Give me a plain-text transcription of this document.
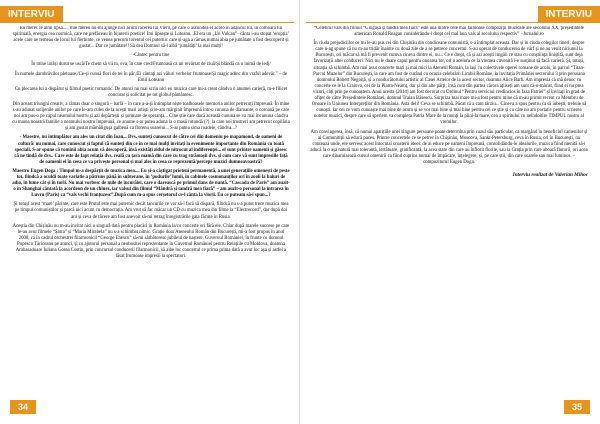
INTERVIU

Eu merec le aimi lipsa..... mie mereu nu-mi ajunge nici acum răcerea lui Vieru, pe care o ascundea el acolo în adâncul lui, în comoara lui spirituală, energia cea cosmică, care ne prefăceau în bijuterii poetice! Imi lipsește și Loteanu...El era un „Un Vulcan”- cânta i-au stopat ‘erupția’ acele care ne temeau de locul lui fierbinte, ce venea precum torentul cel puternic care și-aga a rămas numai abia pe jumătate a fost descoperit și gustat... Dar ce jumătate!! Să dea Domnul să-l aibă ‘jumătăți’ la mai mulți!

-Cântec pentru tine

În mine iarăși durut se uscă/Te chem să vii tu, eva, în care cred/Frumoasă ca un revărsat de ziuă/Și blândă ca o inimă de iedj/

În numele dumbrăvilor pletoase,/Ce-și cunuă flori de tei în păr,/Ei cântați azi văluri verbelor frumoase/Și magic adinc din vraful adevăr.” – de Emil Loteanu

Cu plecarea lui a dispărut și filmul poetic romantic. De atunci nu mai scriu nici eu muzica care mi-a creat cândva o anumei carieră, m-e filicet concurat și solicitat pe tot globul pământesc.

Din aceast triunghi creativ, a rămas doar o singură – barlă – în care a-a-și intimplat niște toalhoasele memoria anilor petrecuți împreună. În mine s-au adunat solijenile anilor pe care le-am cules de la acești mari artiști și le-am mărginit împreună într-o cununa de diamante, o coroană pe care noi am pus-o pe capul neamului nostru și azi depărtești și șomnare de speranța... Cine știe care dacă această cununa se va mai incununa cândva cu marea noastră familie a neamului nostru împreună, ce anume s-ar putea aduna la o masă rotundă (?), la care noi trustreri am petrecut copilăria și am gustat mămăligușa galbenă ca florenu soarelui... S-ar putea sima roadele, cândva...?

- Maestre, nu întimplător am ales un citat din Ioan... Dvs. sunteți cunoscut de către cei din domeniu pe mapamond, de oameni de cultură/ nu numai, care cunoscut și faptul că sunteți din ce în ce mai mulți invitați la evenimente importante din România cu toată speciali. S-ar spune că romînii abia acum vă descoperă, însă existăți zidul de nitrocut al indiferenței... el sunt printre oamenii și găsesc că ne tindă de dvs.. Care este de fapt relația dvs. reală cu țara mamă din care cu trag strămoșii dvs. și cum care vă sunt impresiile față de oamenii ei în ceea ce va privește personal și mai ales în ceea ce reprezentă/percepe muzici dumneavoastră?

Maestro Eugen Doga : Timpul m-a despărțit de muzica mea.... Eu și-a câștigat prieteni permanentă, a unei generațiile omenești de peste tot, fiindcă a oculdi toate variatie a pătruns până în subterane, în ‘podurile’ lumii, în cabinele cosmonauților ori în zooli la baluri de adio, în lume cât și în turli. Nu mai vorbesc de mile de încurăiei, care o darească pe primul dans de nuntă. “Cascada de Paris” am auzit-o în Shanghai cântată la acordeon de un chinez, iar valsul din filmul “Mândră și tandră mea fiară” – am auzit-o personal la intrarea în Luvru (Paris) ca “vals vechi franțuzesc”.După cum m-a spus cerșetorul ce-l cânta la viorii. Eu ce puteam să-i spun...?

Și totuși acest ‘mare’ părinte, care este Prutul este mai puternic decât tancurile ce vor să-i facă să dispară, fiindcă nu s-a putut trece muzica mea pe timpul comuniștilor și parcă nici acum cu democrația. Am vrut să fac măcar un CD cu muzica mea din filme la “Electrecord”, dar după doi ani și ceva de tăcere am fost anevoit să-mi retrag înregistrările gata făcute în Rusia.

Aceștia din Chișinău nu m-au invitat nici o singură dată pentru placări în România la/cu concerte ori fără ele. Chiar după marele succese pe care le-au avut filmele “Șatra” și “Maria Mirabela” nu s-a schimbat nimic. Grație doar Ateneului Român din București, mi-a fost propus în anul 2008, ca în cadrul orchestrei filarmonicii “George Enescu” să-mi sărbătoresc jubileul de naștere. Guvernul României, în frunte cu domnul Popescu Tăriceanu pe atunci, și cu ajutorul personal a neobositei reprezentante în Guvernul României pentru Relațiile cu Moldova, doamna Ambasadoare Iuliana Gorea Costin, prin concursul conducerii filarmonicii, să aibe loc concertul ce prima prima dată a avut loc așa și astfel a lăsat frumoase impresii la spectatori.

34
INTERVIU

“Celebrul vals din filmul “Gingașă și tandră mea fiară” este una dintre cele mai faimoase compoziții muzicale ale secolului XX, președintele american Ronald Reagan considerându-l drept cel mai bun vals al secolului respectiv” –Jurnalul.ro

În ciuda prejudiciilor ce mi le-au pus cei din Chișinău din condiceane comunistă, s-a întimplat aceasta. Dar și în ciuda colegilor tineri, despre care n-ag spune că nu m-au tridăr înainte cu două zile de a se petrece concertul. S-au operat de conducerea de vârf și ne au venit niciunul la București, ori măcar să mă fi prevenit cumva cineva dintre ei, nu... Ce e drept, că și azi acești lingăii ce stau cu conștiința liniștită, sunt deja favorizații altei conduceri. Nici nu le doare capul pentru onoarea lor, ori a acelora ce la vremea cuvenită i-e susținut să facă carieră. Și, totuși, situația să schimbă. Am mai avut concerte mari și mai mici la Ateneul Român, la lași cu colectivele operei romane de acolo, în parcul “Titan-Parcul Muzelor” din București, la care am fost de curând cu ocazia celebrării Limbii Române, la invitația Primăriei sectorului 3 prin persoana domnului Robert Negoiță, și a conducătorului artistic al Casei Artelor de la acest sector, doamna Alice Barb. Am impresia că mă denoc cu concerte ce le la Craiova, cei de la Piatra-Neamț, dar și din alte părți; însă cum din partea cărora ațiiseți am sunt câ-u-mărist, fiind ei nu prea vizuri, câți prin pe cunoaștem. Anul acesta (2014) am fost decorat cu Ordinul “Pentru serviciul credincios în faza Patriei” și invitați în grad de ofițer de către Președintele Românei, domnul Traian Băsescu. Surpriza mai mare mi-a fost pentru mine că m-au primit recent ca Membru de Onoare în Uniunea Interpreților din România. Asta deli! Ceva se schimbă. Păcat că a cam târziu... Cineva a spus pentru ca să iubești, trebuie să cunoști. Iar cei ce vom cunoaște mai bine de acum și se vor mai bine și mai bine pentru cei ce știe și cu câte nu am portativ pentru scrierea notelor muzici, despre care să speriem va completa Patria Mare de la munți la plini-la mare, cea a spiritului cu neîndoitire TIMPUL nostru al vremilor.

Am convingerea, însă, că numai aparițiile unei singure persoane poate determina prin cazul său particular, ca margând în beneficiul camenilor și al Comunitiții să educă paces. Printre concertele ce se petrec în Chișinău, Moscova, Sankt-Petersburg, ceva în Rusia, ori în București, nu conteaza unde, ele servesc acest întocmai scoaterii ideei: de ai educe pe oameni împreună, consolidându-le idealurile, muzica fiind menită să-i aducă la o așa natură mai tolerantă, iertătoare, gratificantă, la acea stare din care au înflorit florile, sau la Grația prin care aboară fluturii, ori acea care dinamizează cursul omenirii ca fiind cuprins numai de împăcare, înțelegere, și, pe care știi, din care soarele sau mai luminos. – compozitorul Eugen Doga.

Interviu realizat de Valerian Mihoc

35
